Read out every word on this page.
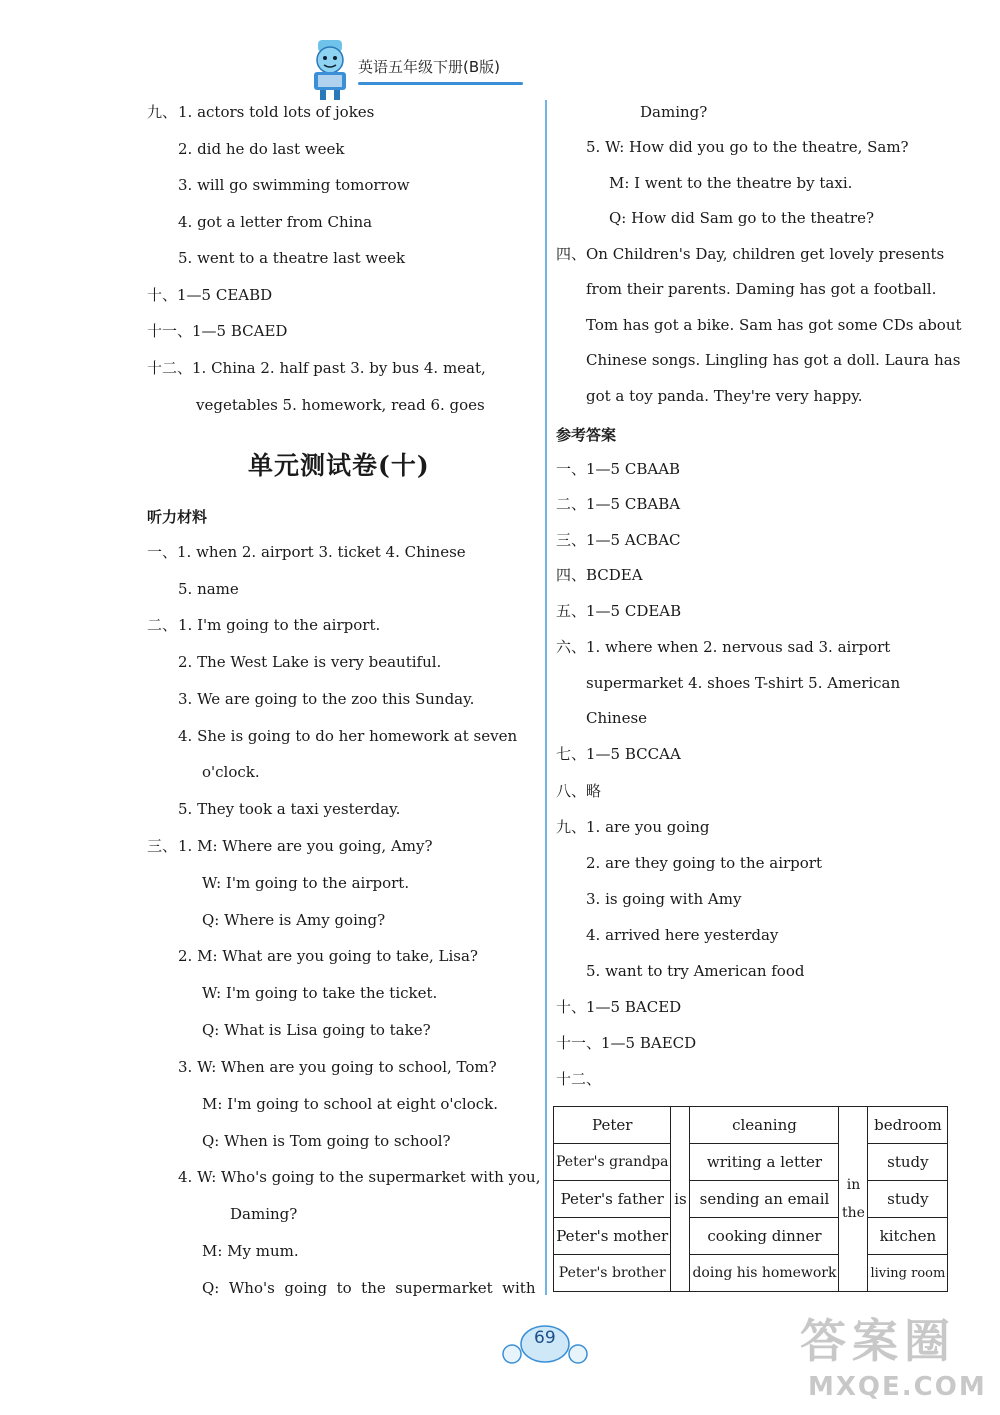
英语五年级下册(B版)
九、 1. actors told lots of jokes
2. did he do last week
3. will go swimming tomorrow
4. got a letter from China
5. went to a theatre last week
十、1—5 CEABD
十一、1—5 BCAED
十二、1. China 2. half past 3. by bus 4. meat,
vegetables 5. homework, read 6. goes
单元测试卷(十)
听力材料
一、1. when 2. airport 3. ticket 4. Chinese
5. name
二、 1. I'm going to the airport.
2. The West Lake is very beautiful.
3. We are going to the zoo this Sunday.
4. She is going to do her homework at seven
o'clock.
5. They took a taxi yesterday.
三、 1. M: Where are you going, Amy?
W: I'm going to the airport.
Q: Where is Amy going?
2. M: What are you going to take, Lisa?
W: I'm going to take the ticket.
Q: What is Lisa going to take?
3. W: When are you going to school, Tom?
M: I'm going to school at eight o'clock.
Q: When is Tom going to school?
4. W: Who's going to the supermarket with you,
Daming?
M: My mum.
Q:  Who's  going  to  the  supermarket  with
Daming?
5. W: How did you go to the theatre, Sam?
M: I went to the theatre by taxi.
Q: How did Sam go to the theatre?
四、 On Children's Day, children get lovely presents
from their parents. Daming has got a football.
Tom has got a bike. Sam has got some CDs about
Chinese songs. Lingling has got a doll. Laura has
got a toy panda. They're very happy.
参考答案
一、1—5 CBAAB
二、1—5 CBABA
三、1—5 ACBAC
四、BCDEA
五、1—5 CDEAB
六、1. where when 2. nervous sad 3. airport
supermarket 4. shoes T-shirt 5. American
Chinese
七、1—5 BCCAA
八、略
九、 1. are you going
2. are they going to the airport
3. is going with Amy
4. arrived here yesterday
5. want to try American food
十、1—5 BACED
十一、1—5 BAECD
十二、
Peter	is	cleaning	in the	bedroom
Peter's grandpa		writing a letter		study
Peter's father		sending an email		study
Peter's mother		cooking dinner		kitchen
Peter's brother		doing his homework		living room
69	答案圈
MXQE.COM
